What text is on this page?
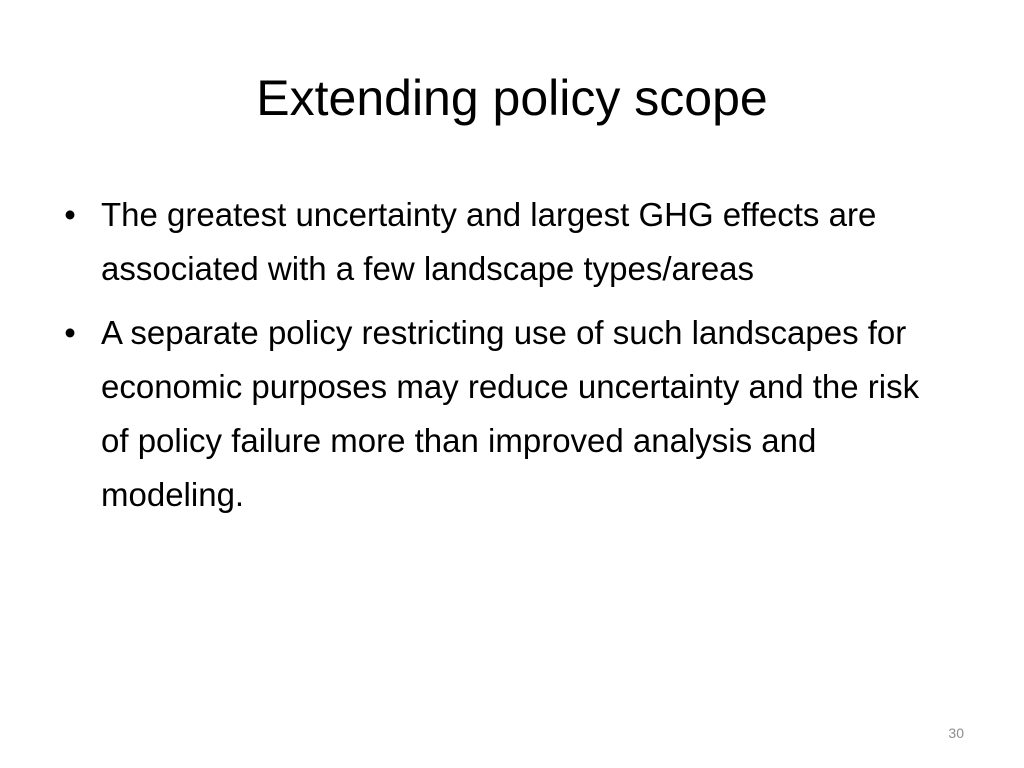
Extending policy scope
• The greatest uncertainty and largest GHG effects are associated with a few landscape types/areas
• A separate policy restricting use of such landscapes for economic purposes may reduce uncertainty and the risk of policy failure more than improved analysis and modeling.
30
